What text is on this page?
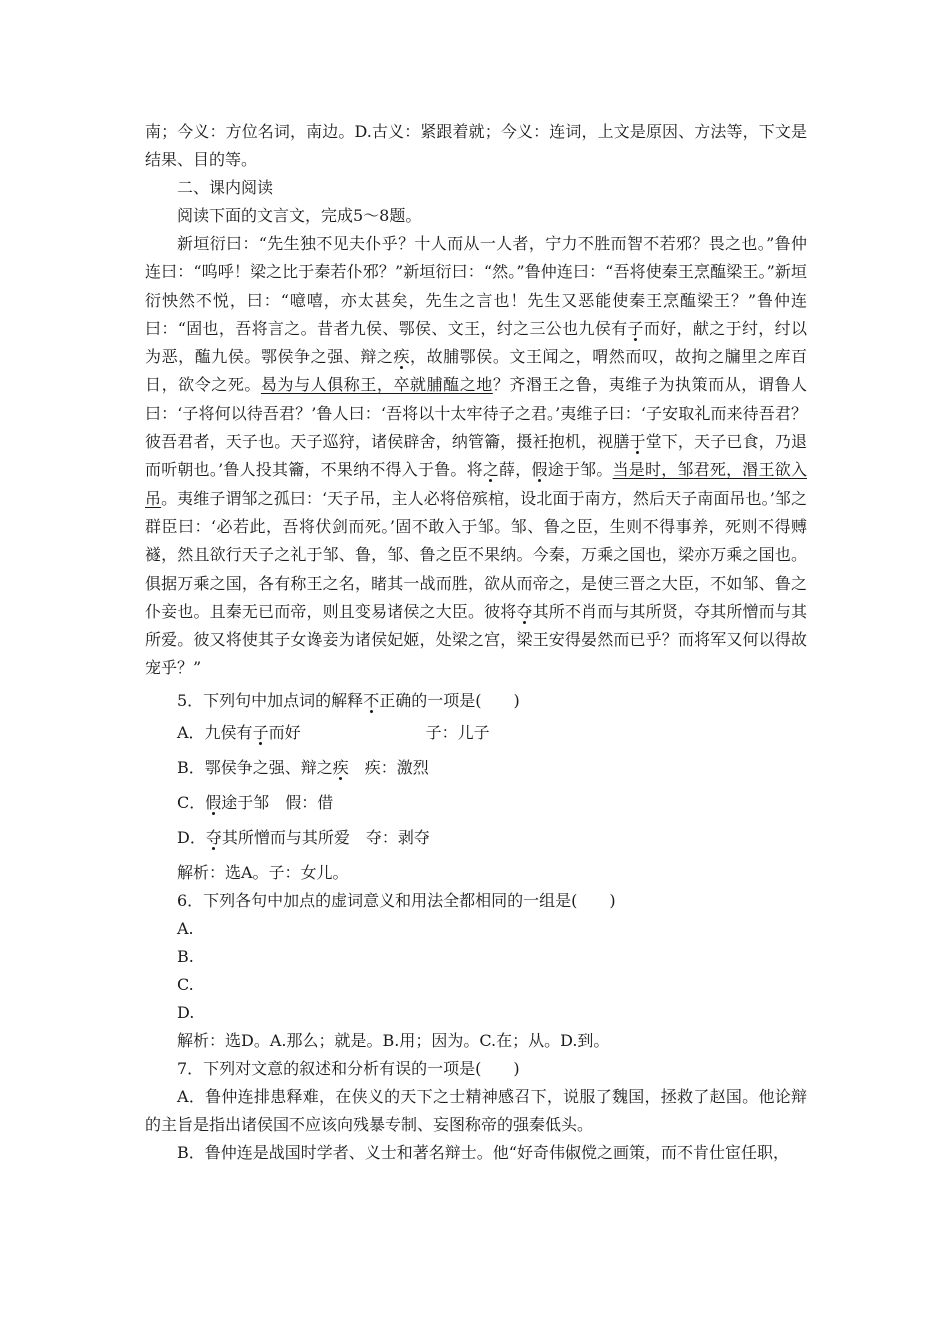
南；今义：方位名词，南边。D.古义：紧跟着就；今义：连词，上文是原因、方法等，下文是结果、目的等。

二、课内阅读

阅读下面的文言文，完成5～8题。

新垣衍曰：“先生独不见夫仆乎？十人而从一人者，宁力不胜而智不若邪？畏之也。”鲁仲连曰：“呜呼！梁之比于秦若仆邪？”新垣衍曰：“然。”鲁仲连曰：“吾将使秦王烹醢梁王。”新垣衍怏然不悦，曰：“噫嘻，亦太甚矣，先生之言也！先生又恶能使秦王烹醢梁王？”鲁仲连曰：“固也，吾将言之。昔者九侯、鄂侯、文王，纣之三公也九侯有子而好，献之于纣，纣以为恶，醢九侯。鄂侯争之强、辩之疾，故脯鄂侯。文王闻之，喟然而叹，故拘之牖里之库百日，欲令之死。曷为与人俱称王，卒就脯醢之地？齐湣王之鲁，夷维子为执策而从，谓鲁人曰：‘子将何以待吾君？’鲁人曰：‘吾将以十太牢待子之君。’夷维子曰：‘子安取礼而来待吾君？彼吾君者，天子也。天子巡狩，诸侯辟舍，纳管籥，摄衽抱机，视膳于堂下，天子已食，乃退而听朝也。’鲁人投其籥，不果纳不得入于鲁。将之薛，假途于邹。当是时，邹君死，湣王欲入吊。夷维子谓邹之孤曰：‘天子吊，主人必将倍殡棺，设北面于南方，然后天子南面吊也。’邹之群臣曰：‘必若此，吾将伏剑而死。’固不敢入于邹。邹、鲁之臣，生则不得事养，死则不得赙襚，然且欲行天子之礼于邹、鲁，邹、鲁之臣不果纳。今秦，万乘之国也，梁亦万乘之国也。俱据万乘之国，各有称王之名，睹其一战而胜，欲从而帝之，是使三晋之大臣，不如邹、鲁之仆妾也。且秦无已而帝，则且变易诸侯之大臣。彼将夺其所不肖而与其所贤，夺其所憎而与其所爱。彼又将使其子女谗妾为诸侯妃姬，处梁之宫，梁王安得晏然而已乎？而将军又何以得故宠乎？”

5．下列句中加点词的解释不正确的一项是(　　)

A．九侯有子而好	子：儿子

B．鄂侯争之强、辩之疾 疾：激烈

C．假途于邹 假：借

D．夺其所憎而与其所爱 夺：剥夺

解析：选A。子：女儿。

6．下列各句中加点的虚词意义和用法全都相同的一组是(　　)

A.

B.

C.

D.

解析：选D。A.那么；就是。B.用；因为。C.在；从。D.到。

7．下列对文意的叙述和分析有误的一项是(　　)

A．鲁仲连排患释难，在侠义的天下之士精神感召下，说服了魏国，拯救了赵国。他论辩的主旨是指出诸侯国不应该向残暴专制、妄图称帝的强秦低头。

B．鲁仲连是战国时学者、义士和著名辩士。他“好奇伟俶傥之画策，而不肯仕宦任职，
